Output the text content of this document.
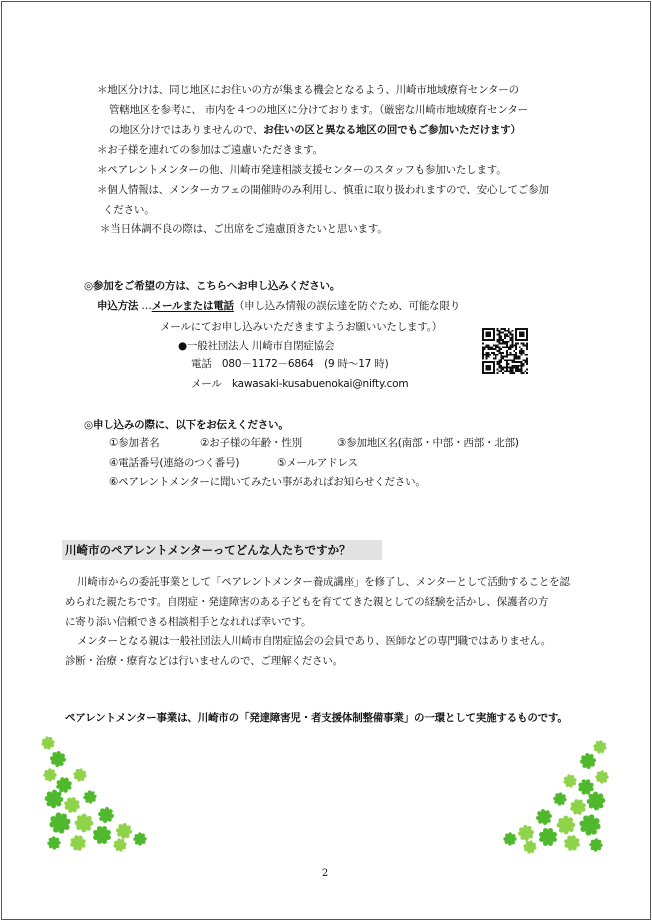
＊地区分けは、同じ地区にお住いの方が集まる機会となるよう、川崎市地域療育センターの
管轄地区を参考に、 市内を４つの地区に分けております。（厳密な川崎市地域療育センター
の地区分けではありませんので、お住いの区と異なる地区の回でもご参加いただけます）
＊お子様を連れての参加はご遠慮いただきます。
＊ペアレントメンターの他、川崎市発達相談支援センターのスタッフも参加いたします。
＊個人情報は、メンターカフェの開催時のみ利用し、慎重に取り扱われますので、安心してご参加
ください。
＊当日体調不良の際は、ご出席をご遠慮頂きたいと思います。
◎参加をご希望の方は、こちらへお申し込みください。
申込方法 …メールまたは電話（申し込み情報の誤伝達を防ぐため、可能な限り
メールにてお申し込みいただきますようお願いいたします。）
●一般社団法人 川崎市自閉症協会
電話　080－1172－6864　(9 時～17 時)
メール　kawasaki-kusabuenokai@nifty.com
◎申し込みの際に、以下をお伝えください。
①参加者名	②お子様の年齢・性別	③参加地区名(南部・中部・西部・北部)
④電話番号(連絡のつく番号)	⑤メールアドレス
⑥ペアレントメンターに聞いてみたい事があればお知らせください。
川崎市のペアレントメンターってどんな人たちですか？
川崎市からの委託事業として「ペアレントメンター養成講座」を修了し、メンターとして活動することを認
められた親たちです。自閉症・発達障害のある子どもを育ててきた親としての経験を活かし、保護者の方
に寄り添い信頼できる相談相手となれれば幸いです。
メンターとなる親は一般社団法人川崎市自閉症協会の会員であり、医師などの専門職ではありません。
診断・治療・療育などは行いませんので、ご理解ください。
ペアレントメンター事業は、川崎市の「発達障害児・者支援体制整備事業」の一環として実施するものです。
2
